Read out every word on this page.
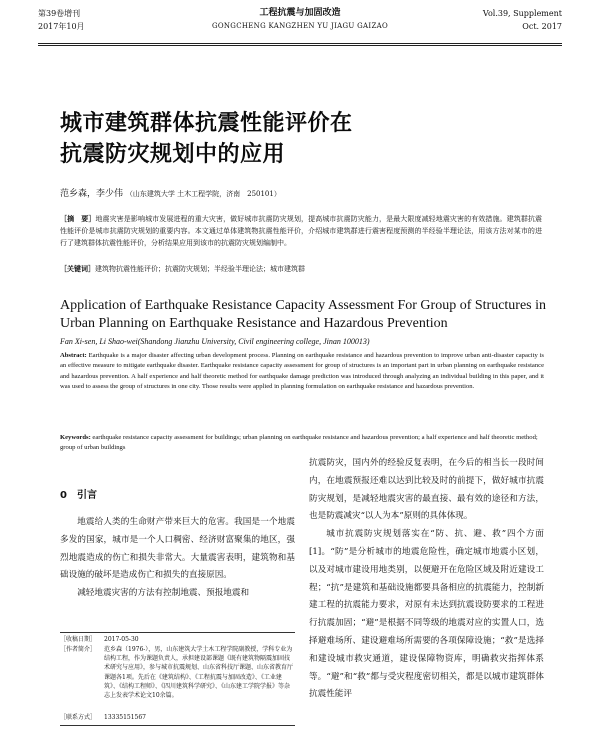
第39卷增刊
2017年10月
工程抗震与加固改造
GONGCHENG KANGZHEN YU JIAGU GAIZAO
Vol.39, Supplement
Oct. 2017
城市建筑群体抗震性能评价在
抗震防灾规划中的应用
范乡森，李少伟 （山东建筑大学 土木工程学院，济南　250101）
［摘　要］地震灾害是影响城市发展进程的重大灾害，做好城市抗震防灾规划，提高城市抗震防灾能力，是最大限度减轻地震灾害的有效措施。建筑群抗震性能评价是城市抗震防灾规划的重要内容。本文通过单体建筑物抗震性能评价，介绍城市建筑群进行震害程度预测的半经验半理论法，用该方法对某市的进行了建筑群体抗震性能评价，分析结果应用到该市的抗震防灾规划编制中。
［关键词］建筑物抗震性能评价；抗震防灾规划；半经验半理论法；城市建筑群
Application of Earthquake Resistance Capacity Assessment For Group of Structures in Urban Planning on Earthquake Resistance and Hazardous Prevention
Fan Xi-sen, Li Shao-wei(Shandong Jianzhu University, Civil engineering college, Jinan 100013)
Abstract: Earthquake is a major disaster affecting urban development process. Planning on earthquake resistance and hazardous prevention to improve urban anti-disaster capacity is an effective measure to mitigate earthquake disaster. Earthquake resistance capacity assessment for group of structures is an important part in urban planning on earthquake resistance and hazardous prevention. A half experience and half theoretic method for earthquake damage prediction was introduced through analyzing an individual building in this paper, and it was used to assess the group of structures in one city. Those results were applied in planning formulation on earthquake resistance and hazardous prevention.
Keywords: earthquake resistance capacity assessment for buildings; urban planning on earthquake resistance and hazardous prevention; a half experience and half theoretic method; group of urban buildings
0　引言

地震给人类的生命财产带来巨大的危害。我国是一个地震多发的国家，城市是一个人口稠密、经济财富聚集的地区，强烈地震造成的伤亡和损失非常大。大量震害表明，建筑物和基础设施的破坏是造成伤亡和损失的直接原因。

减轻地震灾害的方法有控制地震、预报地震和

［收稿日期］ 2017-05-30
［作者简介］ 范乡森（1976-），男，山东建筑大学土木工程学院副教授，学科专业为结构工程，作为课题负责人，承担建设部课题《既有建筑物隔震加固技术研究与应用》，参与城市抗震规划、山东省科技厅课题、山东省教育厅课题各1项。先后在《建筑结构》、《工程抗震与加固改造》、《工业建筑》、《结构工程师》、《四川建筑科学研究》、《山东建工学院学报》等杂志上发表学术论文10余篇。
［联系方式］ 13335151567

抗震防灾，国内外的经验反复表明，在今后的相当长一段时间内，在地震预报还难以达到比较及时的前提下，做好城市抗震防灾规划，是减轻地震灾害的最直接、最有效的途径和方法，也是防震减灾“以人为本”原则的具体体现。

城市抗震防灾规划落实在“防、抗、避、救”四个方面[1]。“防”是分析城市的地震危险性，确定城市地震小区划，以及对城市建设用地类别，以便避开在危险区域及附近建设工程；“抗”是建筑和基础设施都要具备相应的抗震能力，控制新建工程的抗震能力要求，对原有未达到抗震设防要求的工程进行抗震加固；“避”是根据不同等级的地震对应的实置人口，选择避难场所、建设避难场所需要的各项保障设施；“救”是选择和建设城市救灾通道，建设保障物资库，明确救灾指挥体系等。“避”和“救”都与受灾程度密切相关，都是以城市建筑群体抗震性能评
